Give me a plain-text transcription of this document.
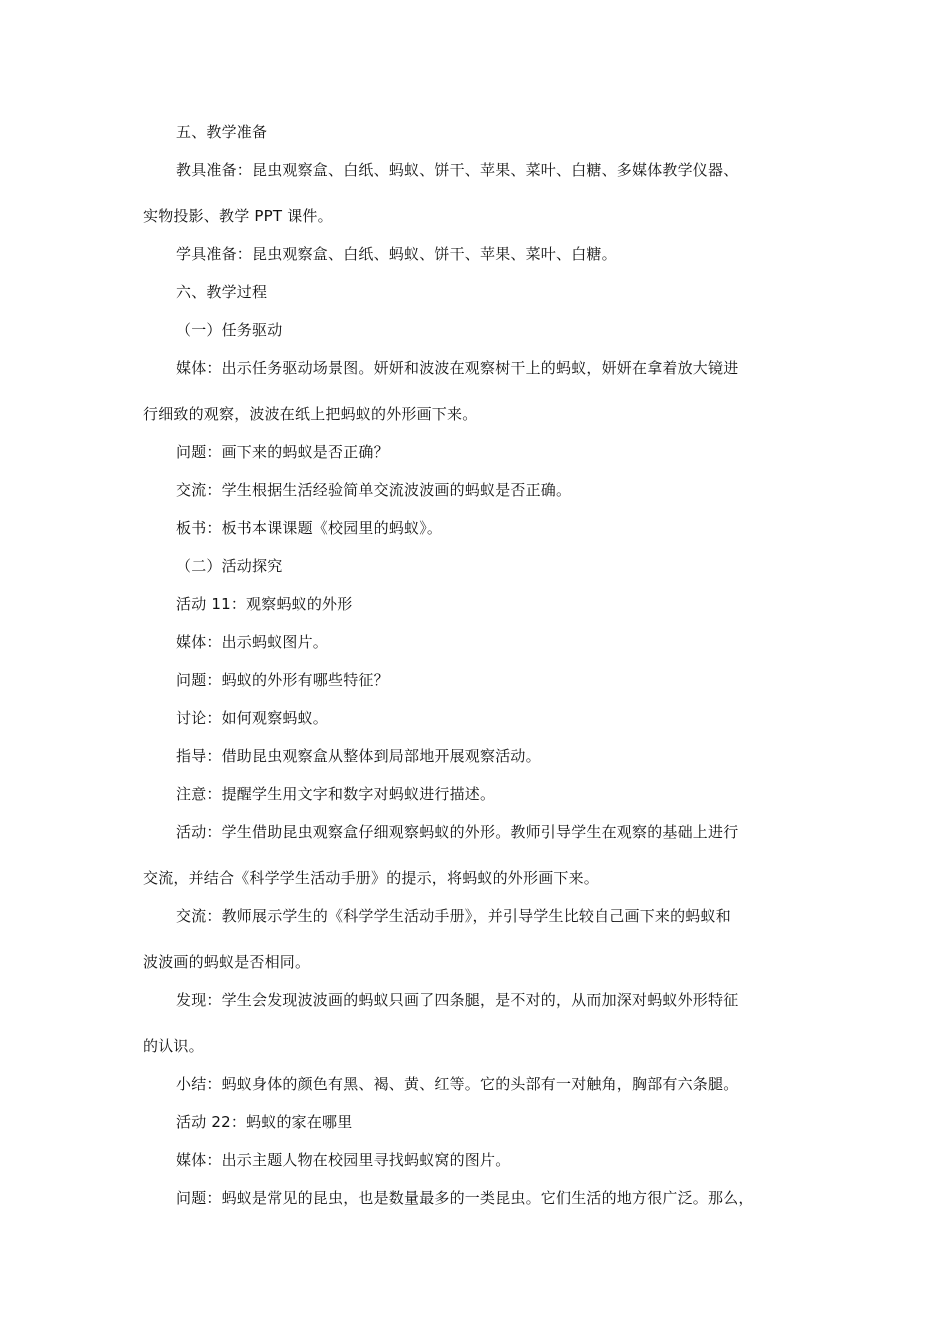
五、教学准备
教具准备：昆虫观察盒、白纸、蚂蚁、饼干、苹果、菜叶、白糖、多媒体教学仪器、
实物投影、教学 PPT 课件。
学具准备：昆虫观察盒、白纸、蚂蚁、饼干、苹果、菜叶、白糖。
六、教学过程
（一）任务驱动
媒体：出示任务驱动场景图。妍妍和波波在观察树干上的蚂蚁，妍妍在拿着放大镜进
行细致的观察，波波在纸上把蚂蚁的外形画下来。
问题：画下来的蚂蚁是否正确？
交流：学生根据生活经验简单交流波波画的蚂蚁是否正确。
板书：板书本课课题《校园里的蚂蚁》。
（二）活动探究
活动 11：观察蚂蚁的外形
媒体：出示蚂蚁图片。
问题：蚂蚁的外形有哪些特征？
讨论：如何观察蚂蚁。
指导：借助昆虫观察盒从整体到局部地开展观察活动。
注意：提醒学生用文字和数字对蚂蚁进行描述。
活动：学生借助昆虫观察盒仔细观察蚂蚁的外形。教师引导学生在观察的基础上进行
交流，并结合《科学学生活动手册》的提示，将蚂蚁的外形画下来。
交流：教师展示学生的《科学学生活动手册》，并引导学生比较自己画下来的蚂蚁和
波波画的蚂蚁是否相同。
发现：学生会发现波波画的蚂蚁只画了四条腿，是不对的，从而加深对蚂蚁外形特征
的认识。
小结：蚂蚁身体的颜色有黑、褐、黄、红等。它的头部有一对触角，胸部有六条腿。
活动 22：蚂蚁的家在哪里
媒体：出示主题人物在校园里寻找蚂蚁窝的图片。
问题：蚂蚁是常见的昆虫，也是数量最多的一类昆虫。它们生活的地方很广泛。那么，
